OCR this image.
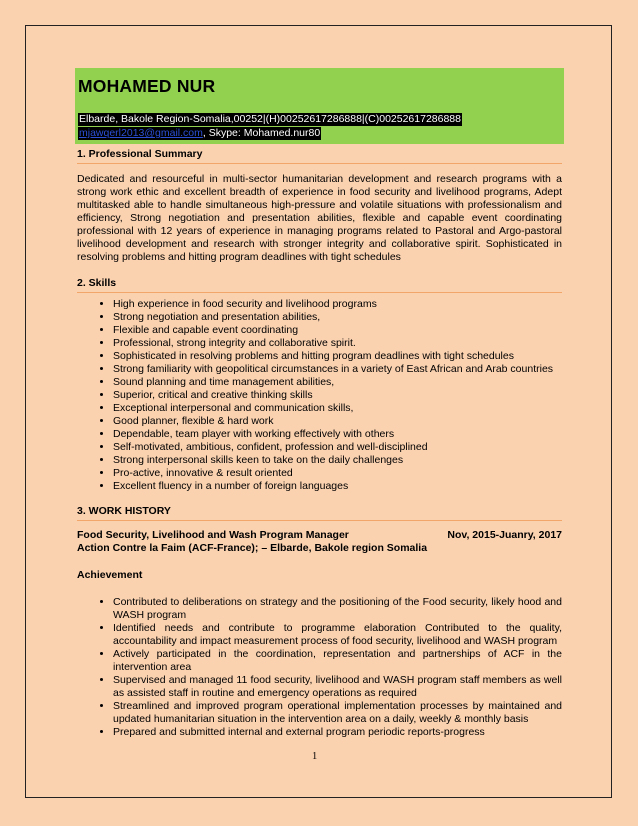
MOHAMED NUR
Elbarde, Bakole Region-Somalia,00252|(H)00252617286888|(C)00252617286888
mjawqerl2013@gmail.com, Skype: Mohamed.nur80
1. Professional Summary
Dedicated and resourceful in multi-sector humanitarian development and research programs with a strong work ethic and excellent breadth of experience in food security and livelihood programs, Adept multitasked able to handle simultaneous high-pressure and volatile situations with professionalism and efficiency, Strong negotiation and presentation abilities, flexible and capable event coordinating professional with 12 years of experience in managing programs related to Pastoral and Argo-pastoral livelihood development and research with stronger integrity and collaborative spirit. Sophisticated in resolving problems and hitting program deadlines with tight schedules
2. Skills
• High experience in food security and livelihood programs
• Strong negotiation and presentation abilities,
• Flexible and capable event coordinating
• Professional, strong integrity and collaborative spirit.
• Sophisticated in resolving problems and hitting program deadlines with tight schedules
• Strong familiarity with geopolitical circumstances in a variety of East African and Arab countries
• Sound planning and time management abilities,
• Superior, critical and creative thinking skills
• Exceptional interpersonal and communication skills,
• Good planner, flexible & hard work
• Dependable, team player with working effectively with others
• Self-motivated, ambitious, confident, profession and well-disciplined
• Strong interpersonal skills keen to take on the daily challenges
• Pro-active, innovative & result oriented
• Excellent fluency in a number of foreign languages
3. WORK HISTORY
Food Security, Livelihood and Wash Program Manager	Nov, 2015-Juanry, 2017
Action Contre la Faim (ACF-France); – Elbarde, Bakole region Somalia
Achievement
• Contributed to deliberations on strategy and the positioning of the Food security, likely hood and WASH program
• Identified needs and contribute to programme elaboration Contributed to the quality, accountability and impact measurement process of food security, livelihood and WASH program
• Actively participated in the coordination, representation and partnerships of ACF in the intervention area
• Supervised and managed 11 food security, livelihood and WASH program staff members as well as assisted staff in routine and emergency operations as required
• Streamlined and improved program operational implementation processes by maintained and updated humanitarian situation in the intervention area on a daily, weekly & monthly basis
• Prepared and submitted internal and external program periodic reports-progress
1
